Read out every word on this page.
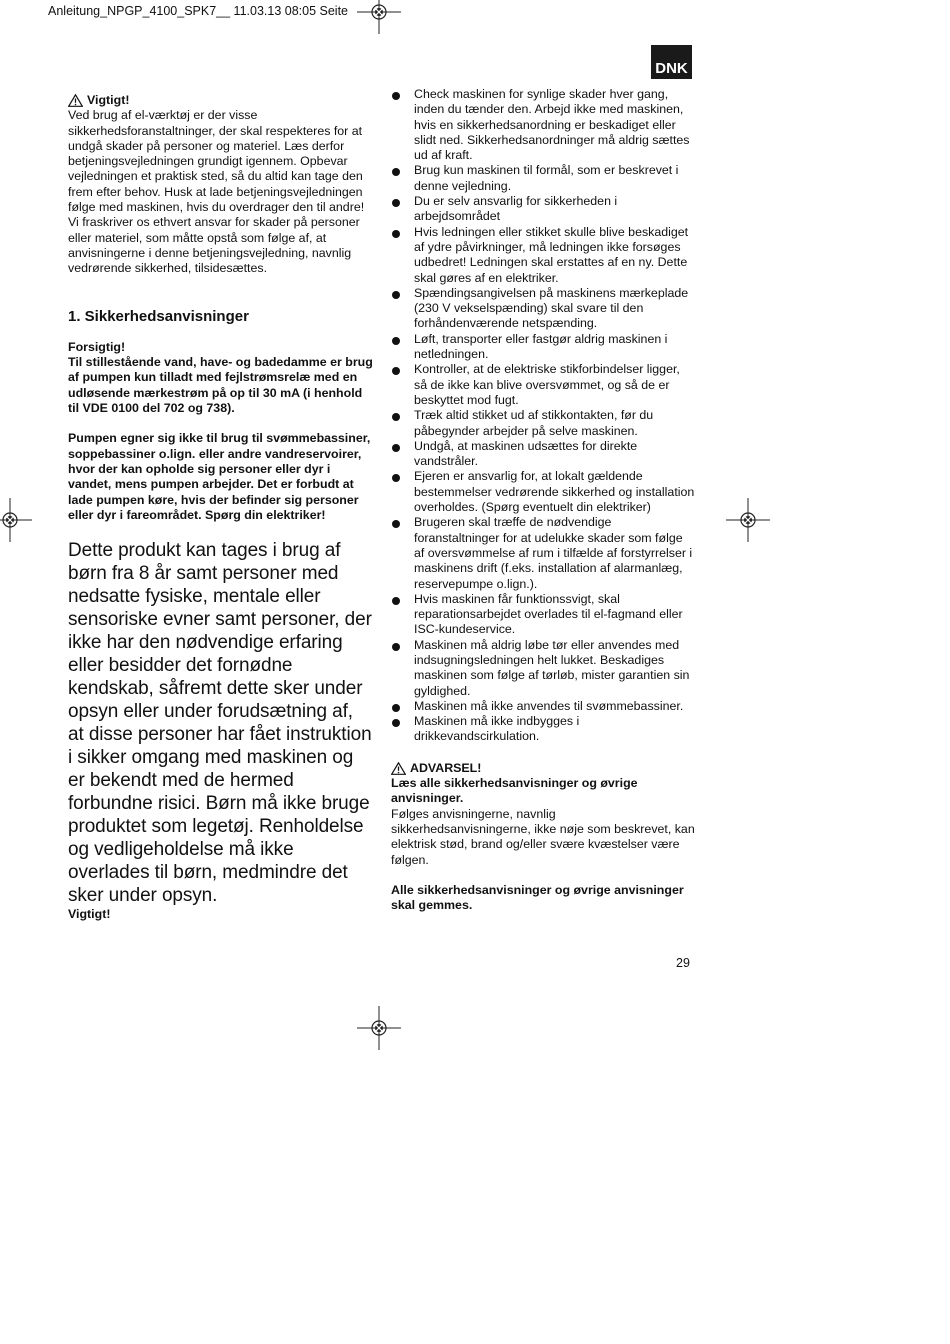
Anleitung_NPGP_4100_SPK7__ 11.03.13 08:05 Seite
DNK
Vigtigt!

Ved brug af el-værktøj er der visse sikkerhedsforanstaltninger, der skal respekteres for at undgå skader på personer og materiel. Læs derfor betjeningsvejledningen grundigt igennem. Opbevar vejledningen et praktisk sted, så du altid kan tage den frem efter behov. Husk at lade betjeningsvejledningen følge med maskinen, hvis du overdrager den til andre! Vi fraskriver os ethvert ansvar for skader på personer eller materiel, som måtte opstå som følge af, at anvisningerne i denne betjeningsvejledning, navnlig vedrørende sikkerhed, tilsidesættes.

1. Sikkerhedsanvisninger

Forsigtig!

Til stillestående vand, have- og badedamme er brug af pumpen kun tilladt med fejlstrømsrelæ med en udløsende mærkestrøm på op til 30 mA (i henhold til VDE 0100 del 702 og 738).

Pumpen egner sig ikke til brug til svømmebassiner, soppebassiner o.lign. eller andre vandreservoirer, hvor der kan opholde sig personer eller dyr i vandet, mens pumpen arbejder. Det er forbudt at lade pumpen køre, hvis der befinder sig personer eller dyr i fareområdet. Spørg din elektriker!

Dette produkt kan tages i brug af børn fra 8 år samt personer med nedsatte fysiske, mentale eller sensoriske evner samt personer, der ikke har den nødvendige erfaring eller besidder det fornødne kendskab, såfremt dette sker under opsyn eller under forudsætning af, at disse personer har fået instruktion i sikker omgang med maskinen og er bekendt med de hermed forbundne risici. Børn må ikke bruge produktet som legetøj. Renholdelse og vedligeholdelse må ikke overlades til børn, medmindre det sker under opsyn.

Vigtigt!

Check maskinen for synlige skader hver gang, inden du tænder den. Arbejd ikke med maskinen, hvis en sikkerhedsanordning er beskadiget eller slidt ned. Sikkerhedsanordninger må aldrig sættes ud af kraft.
Brug kun maskinen til formål, som er beskrevet i denne vejledning.
Du er selv ansvarlig for sikkerheden i arbejdsområdet
Hvis ledningen eller stikket skulle blive beskadiget af ydre påvirkninger, må ledningen ikke forsøges udbedret! Ledningen skal erstattes af en ny. Dette skal gøres af en elektriker.
Spændingsangivelsen på maskinens mærkeplade (230 V vekselspænding) skal svare til den forhåndenværende netspænding.
Løft, transporter eller fastgør aldrig maskinen i netledningen.
Kontroller, at de elektriske stikforbindelser ligger, så de ikke kan blive oversvømmet, og så de er beskyttet mod fugt.
Træk altid stikket ud af stikkontakten, før du påbegynder arbejder på selve maskinen.
Undgå, at maskinen udsættes for direkte vandstråler.
Ejeren er ansvarlig for, at lokalt gældende bestemmelser vedrørende sikkerhed og installation overholdes. (Spørg eventuelt din elektriker)
Brugeren skal træffe de nødvendige foranstaltninger for at udelukke skader som følge af oversvømmelse af rum i tilfælde af forstyrrelser i maskinens drift (f.eks. installation af alarmanlæg, reservepumpe o.lign.).
Hvis maskinen får funktionssvigt, skal reparationsarbejdet overlades til el-fagmand eller ISC-kundeservice.
Maskinen må aldrig løbe tør eller anvendes med indsugningsledningen helt lukket. Beskadiges maskinen som følge af tørløb, mister garantien sin gyldighed.
Maskinen må ikke anvendes til svømmebassiner.
Maskinen må ikke indbygges i drikkevandscirkulation.
ADVARSEL!

Læs alle sikkerhedsanvisninger og øvrige anvisninger.

Følges anvisningerne, navnlig sikkerhedsanvisningerne, ikke nøje som beskrevet, kan elektrisk stød, brand og/eller svære kvæstelser være følgen.

Alle sikkerhedsanvisninger og øvrige anvisninger skal gemmes.

29
